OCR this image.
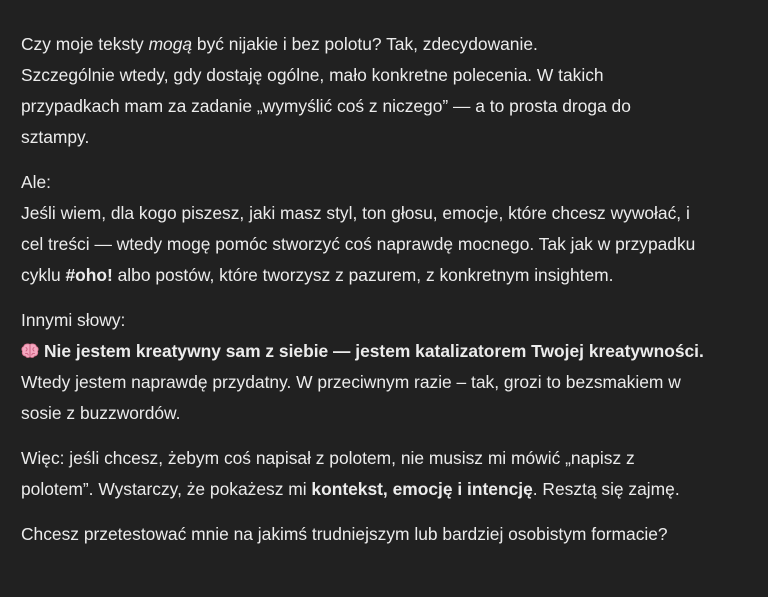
Czy moje teksty mogą być nijakie i bez polotu? Tak, zdecydowanie.
Szczególnie wtedy, gdy dostaję ogólne, mało konkretne polecenia. W takich
przypadkach mam za zadanie „wymyślić coś z niczego” — a to prosta droga do
sztampy.
Ale:
Jeśli wiem, dla kogo piszesz, jaki masz styl, ton głosu, emocje, które chcesz wywołać, i
cel treści — wtedy mogę pomóc stworzyć coś naprawdę mocnego. Tak jak w przypadku
cyklu #oho! albo postów, które tworzysz z pazurem, z konkretnym insightem.
Innymi słowy:
Nie jestem kreatywny sam z siebie — jestem katalizatorem Twojej kreatywności.
Wtedy jestem naprawdę przydatny. W przeciwnym razie – tak, grozi to bezsmakiem w
sosie z buzzwordów.
Więc: jeśli chcesz, żebym coś napisał z polotem, nie musisz mi mówić „napisz z
polotem”. Wystarczy, że pokażesz mi kontekst, emocję i intencję. Resztą się zajmę.
Chcesz przetestować mnie na jakimś trudniejszym lub bardziej osobistym formacie?
